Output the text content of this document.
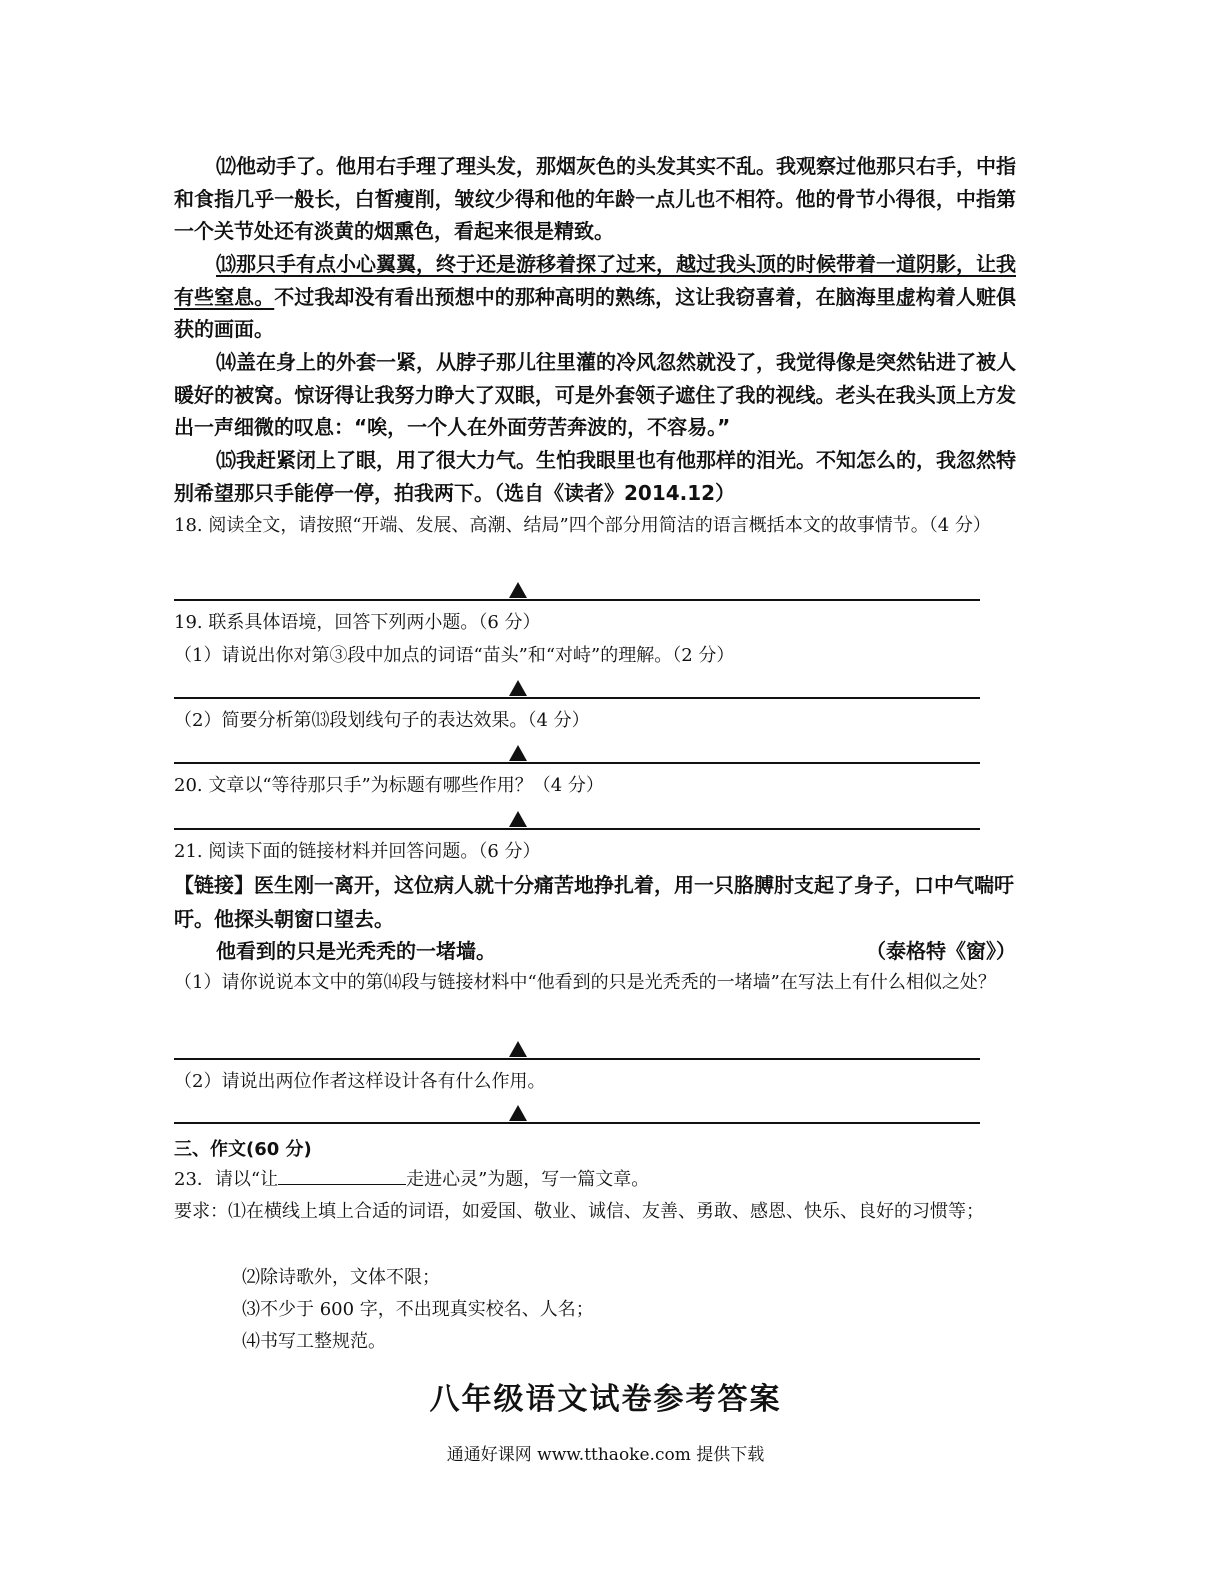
⑿他动手了。他用右手理了理头发，那烟灰色的头发其实不乱。我观察过他那只右手，中指和食指几乎一般长，白皙瘦削，皱纹少得和他的年龄一点儿也不相符。他的骨节小得很，中指第一个关节处还有淡黄的烟熏色，看起来很是精致。

⒀那只手有点小心翼翼，终于还是游移着探了过来，越过我头顶的时候带着一道阴影，让我有些窒息。不过我却没有看出预想中的那种高明的熟练，这让我窃喜着，在脑海里虚构着人赃俱获的画面。

⒁盖在身上的外套一紧，从脖子那儿往里灌的冷风忽然就没了，我觉得像是突然钻进了被人暖好的被窝。惊讶得让我努力睁大了双眼，可是外套领子遮住了我的视线。老头在我头顶上方发出一声细微的叹息：“唉，一个人在外面劳苦奔波的，不容易。”

⒂我赶紧闭上了眼，用了很大力气。生怕我眼里也有他那样的泪光。不知怎么的，我忽然特别希望那只手能停一停，拍我两下。（选自《读者》2014.12）

18. 阅读全文，请按照“开端、发展、高潮、结局”四个部分用简洁的语言概括本文的故事情节。（4 分）

19. 联系具体语境，回答下列两小题。（6 分）

（1）请说出你对第③段中加点的词语“苗头”和“对峙”的理解。（2 分）

（2）简要分析第⒀段划线句子的表达效果。（4 分）

20. 文章以“等待那只手”为标题有哪些作用？（4 分）

21. 阅读下面的链接材料并回答问题。（6 分）

【链接】医生刚一离开，这位病人就十分痛苦地挣扎着，用一只胳膊肘支起了身子，口中气喘吁吁。他探头朝窗口望去。

他看到的只是光秃秃的一堵墙。	（泰格特《窗》）

（1）请你说说本文中的第⒁段与链接材料中“他看到的只是光秃秃的一堵墙”在写法上有什么相似之处？

（2）请说出两位作者这样设计各有什么作用。

三、作文(60 分)

23．请以“让	走进心灵”为题，写一篇文章。

要求：⑴在横线上填上合适的词语，如爱国、敬业、诚信、友善、勇敢、感恩、快乐、良好的习惯等；

⑵除诗歌外，文体不限；

⑶不少于 600 字，不出现真实校名、人名；

⑷书写工整规范。

八年级语文试卷参考答案
通通好课网 www.tthaoke.com 提供下载
